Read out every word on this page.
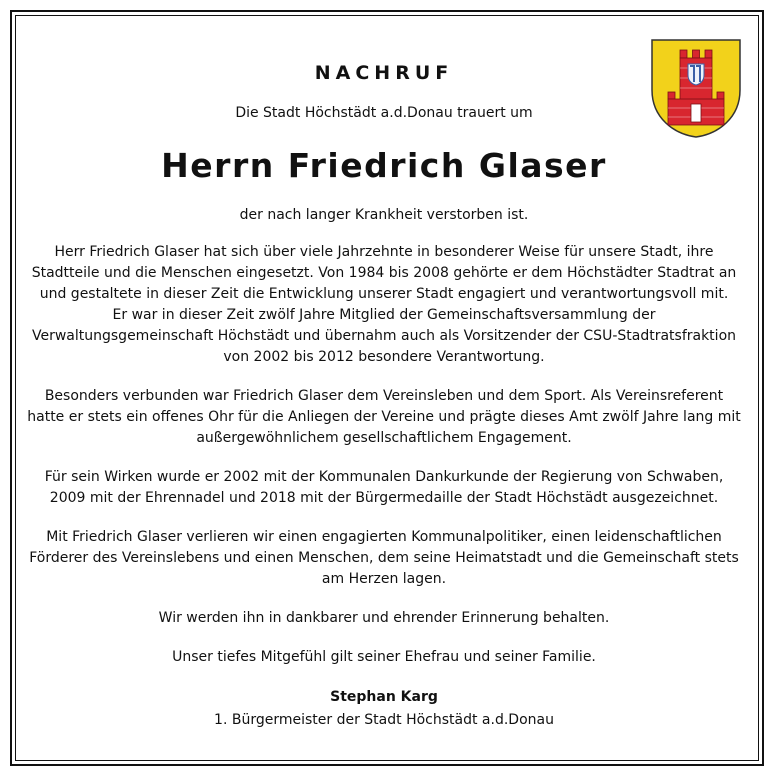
NACHRUF
Die Stadt Höchstädt a.d.Donau trauert um
Herrn Friedrich Glaser
der nach langer Krankheit verstorben ist.

Herr Friedrich Glaser hat sich über viele Jahrzehnte in besonderer Weise für unsere Stadt, ihre
Stadtteile und die Menschen eingesetzt. Von 1984 bis 2008 gehörte er dem Höchstädter Stadtrat an
und gestaltete in dieser Zeit die Entwicklung unserer Stadt engagiert und verantwortungsvoll mit.
Er war in dieser Zeit zwölf Jahre Mitglied der Gemeinschaftsversammlung der
Verwaltungsgemeinschaft Höchstädt und übernahm auch als Vorsitzender der CSU-Stadtratsfraktion
von 2002 bis 2012 besondere Verantwortung.

Besonders verbunden war Friedrich Glaser dem Vereinsleben und dem Sport. Als Vereinsreferent
hatte er stets ein offenes Ohr für die Anliegen der Vereine und prägte dieses Amt zwölf Jahre lang mit
außergewöhnlichem gesellschaftlichem Engagement.

Für sein Wirken wurde er 2002 mit der Kommunalen Dankurkunde der Regierung von Schwaben,
2009 mit der Ehrennadel und 2018 mit der Bürgermedaille der Stadt Höchstädt ausgezeichnet.

Mit Friedrich Glaser verlieren wir einen engagierten Kommunalpolitiker, einen leidenschaftlichen
Förderer des Vereinslebens und einen Menschen, dem seine Heimatstadt und die Gemeinschaft stets
am Herzen lagen.

Wir werden ihn in dankbarer und ehrender Erinnerung behalten.

Unser tiefes Mitgefühl gilt seiner Ehefrau und seiner Familie.

Stephan Karg
1. Bürgermeister der Stadt Höchstädt a.d.Donau
